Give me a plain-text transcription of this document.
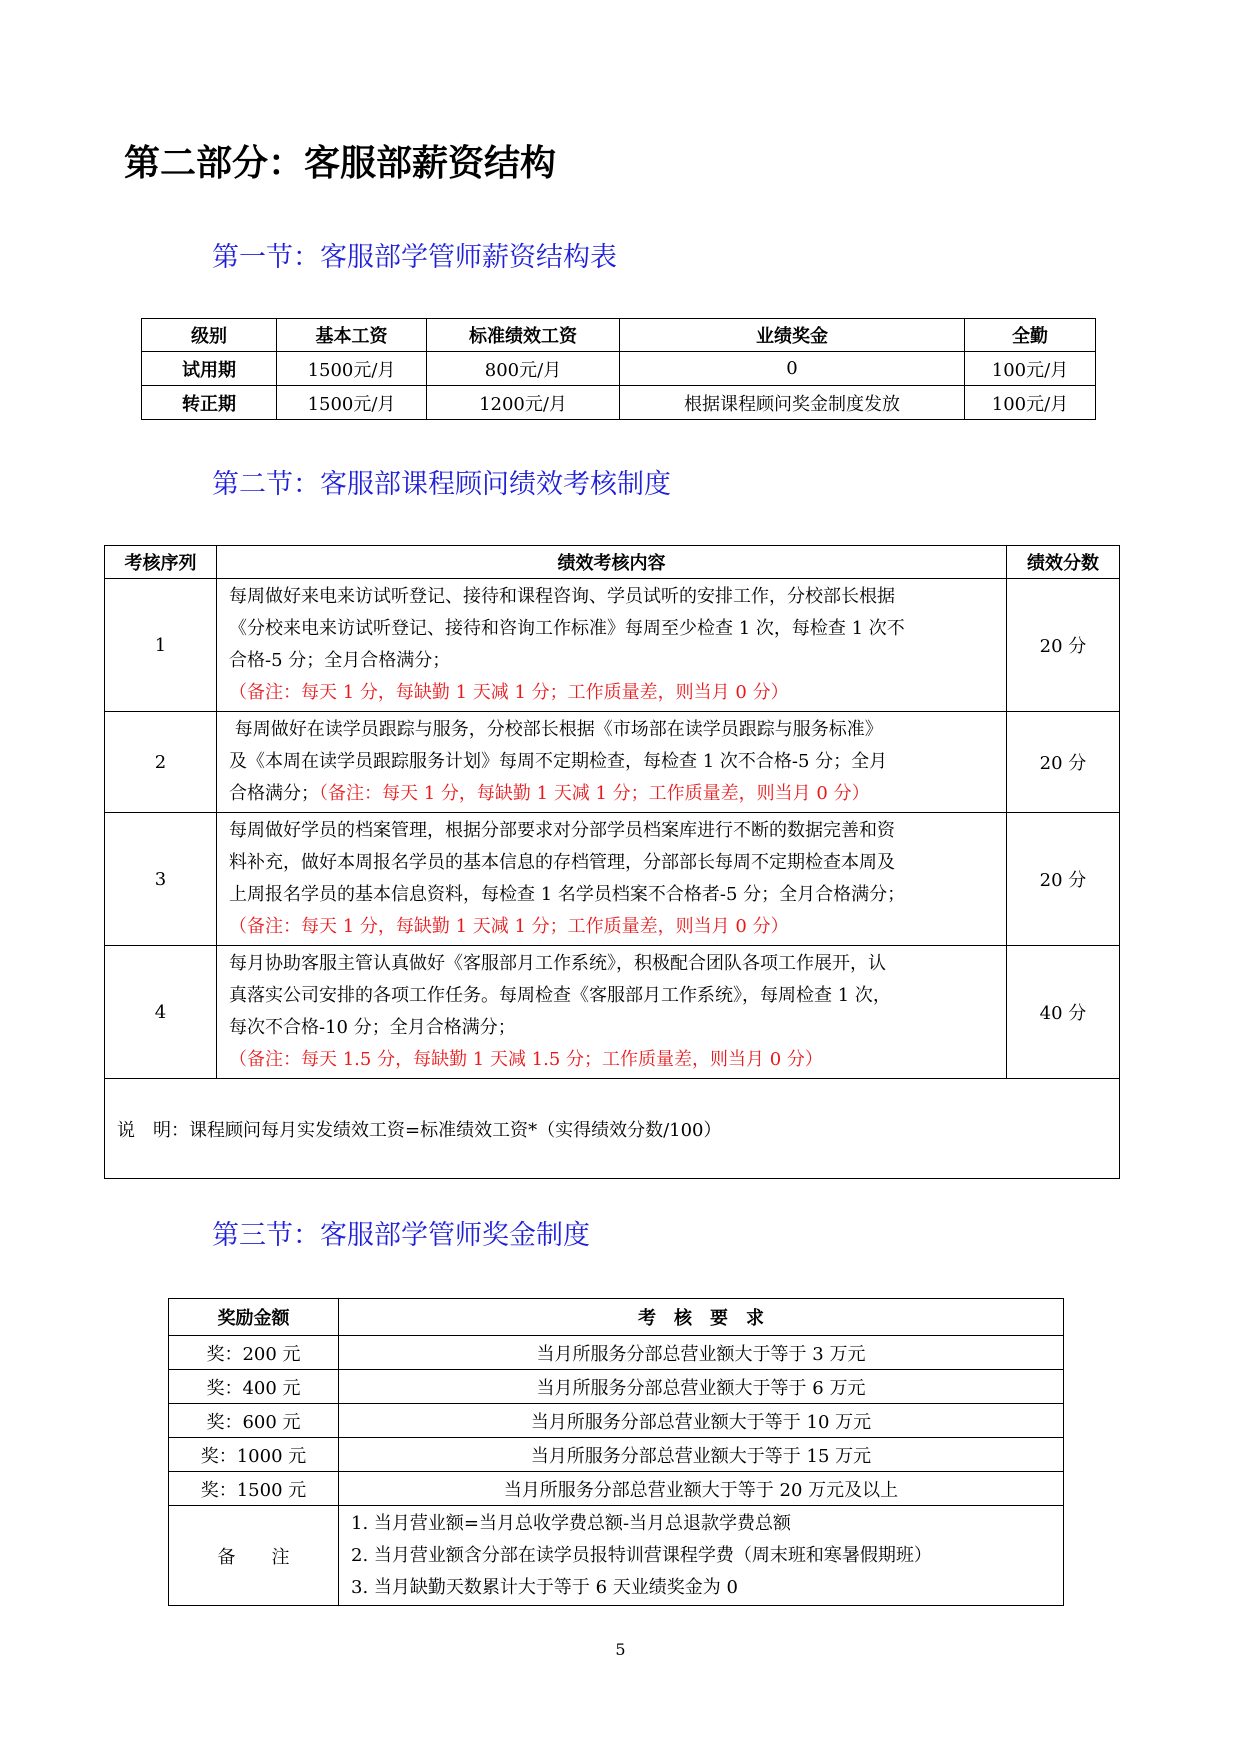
第二部分：客服部薪资结构
第一节：客服部学管师薪资结构表
级别	基本工资	标准绩效工资	业绩奖金	全勤
试用期	1500元/月	800元/月	0	100元/月
转正期	1500元/月	1200元/月	根据课程顾问奖金制度发放	100元/月
第二节：客服部课程顾问绩效考核制度
考核序列	绩效考核内容	绩效分数
1	每周做好来电来访试听登记、接待和课程咨询、学员试听的安排工作，分校部长根据
《分校来电来访试听登记、接待和咨询工作标准》每周至少检查 1 次，每检查 1 次不
合格-5 分；全月合格满分；
（备注：每天 1 分，每缺勤 1 天减 1 分；工作质量差，则当月 0 分）	20 分
2	每周做好在读学员跟踪与服务，分校部长根据《市场部在读学员跟踪与服务标准》
及《本周在读学员跟踪服务计划》每周不定期检查，每检查 1 次不合格-5 分；全月
合格满分；（备注：每天 1 分，每缺勤 1 天减 1 分；工作质量差，则当月 0 分）	20 分
3	每周做好学员的档案管理，根据分部要求对分部学员档案库进行不断的数据完善和资
料补充，做好本周报名学员的基本信息的存档管理，分部部长每周不定期检查本周及
上周报名学员的基本信息资料，每检查 1 名学员档案不合格者-5 分；全月合格满分；
（备注：每天 1 分，每缺勤 1 天减 1 分；工作质量差，则当月 0 分）	20 分
4	每月协助客服主管认真做好《客服部月工作系统》，积极配合团队各项工作展开，认
真落实公司安排的各项工作任务。每周检查《客服部月工作系统》，每周检查 1 次，
每次不合格-10 分；全月合格满分；
（备注：每天 1.5 分，每缺勤 1 天减 1.5 分；工作质量差，则当月 0 分）	40 分
说　明：课程顾问每月实发绩效工资=标准绩效工资*（实得绩效分数/100）		
第三节：客服部学管师奖金制度
奖励金额	考　核　要　求
奖：200 元	当月所服务分部总营业额大于等于 3 万元
奖：400 元	当月所服务分部总营业额大于等于 6 万元
奖：600 元	当月所服务分部总营业额大于等于 10 万元
奖：1000 元	当月所服务分部总营业额大于等于 15 万元
奖：1500 元	当月所服务分部总营业额大于等于 20 万元及以上
备　　注	1. 当月营业额=当月总收学费总额-当月总退款学费总额
2. 当月营业额含分部在读学员报特训营课程学费（周末班和寒暑假期班）
3. 当月缺勤天数累计大于等于 6 天业绩奖金为 0
5
